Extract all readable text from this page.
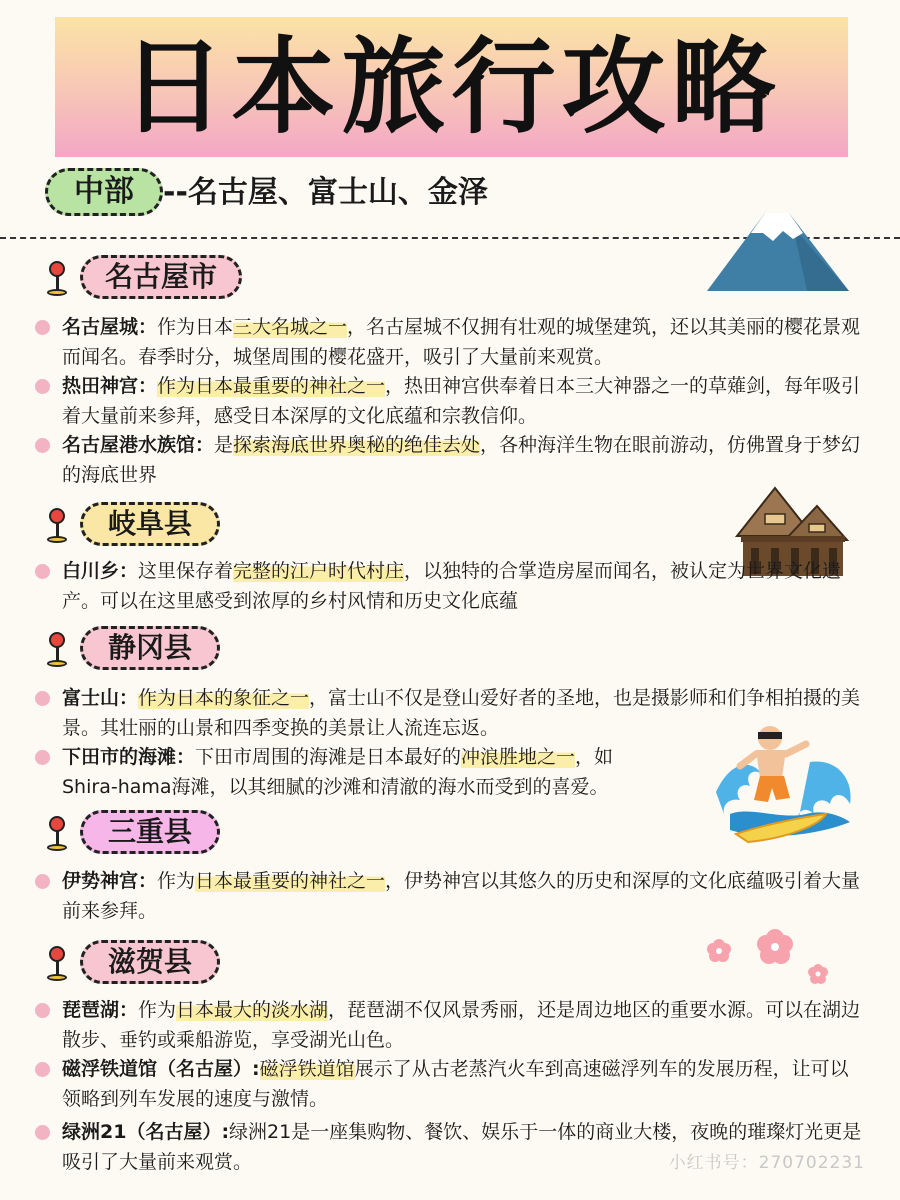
日本旅行攻略
中部 --名古屋、富士山、金泽
名古屋市
名古屋城：作为日本三大名城之一，名古屋城不仅拥有壮观的城堡建筑，还以其美丽的樱花景观而闻名。春季时分，城堡周围的樱花盛开，吸引了大量前来观赏。
热田神宫：作为日本最重要的神社之一，热田神宫供奉着日本三大神器之一的草薙剑，每年吸引着大量前来参拜，感受日本深厚的文化底蕴和宗教信仰。
名古屋港水族馆：是探索海底世界奥秘的绝佳去处，各种海洋生物在眼前游动，仿佛置身于梦幻的海底世界
岐阜县
白川乡：这里保存着完整的江户时代村庄，以独特的合掌造房屋而闻名，被认定为世界文化遗产。可以在这里感受到浓厚的乡村风情和历史文化底蕴
静冈县
富士山：作为日本的象征之一，富士山不仅是登山爱好者的圣地，也是摄影师和们争相拍摄的美景。其壮丽的山景和四季变换的美景让人流连忘返。
下田市的海滩：下田市周围的海滩是日本最好的冲浪胜地之一，如Shira-hama海滩，以其细腻的沙滩和清澈的海水而受到的喜爱。
三重县
伊势神宫：作为日本最重要的神社之一，伊势神宫以其悠久的历史和深厚的文化底蕴吸引着大量前来参拜。
滋贺县
琵琶湖：作为日本最大的淡水湖，琵琶湖不仅风景秀丽，还是周边地区的重要水源。可以在湖边散步、垂钓或乘船游览，享受湖光山色。
磁浮铁道馆（名古屋）:磁浮铁道馆展示了从古老蒸汽火车到高速磁浮列车的发展历程，让可以领略到列车发展的速度与激情。
绿洲21（名古屋）:绿洲21是一座集购物、餐饮、娱乐于一体的商业大楼，夜晚的璀璨灯光更是吸引了大量前来观赏。	小红书号：270702231
